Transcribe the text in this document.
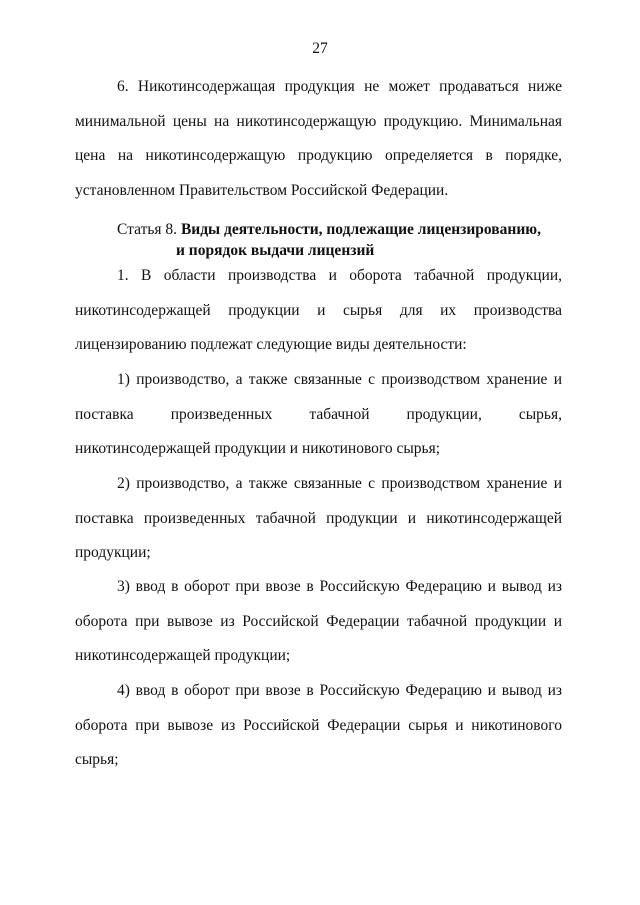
27

6. Никотинсодержащая продукция не может продаваться ниже минимальной цены на никотинсодержащую продукцию. Минимальная цена на никотинсодержащую продукцию определяется в порядке, установленном Правительством Российской Федерации.

Статья 8. Виды деятельности, подлежащие лицензированию,
и порядок выдачи лицензий

1. В области производства и оборота табачной продукции, никотинсодержащей продукции и сырья для их производства лицензированию подлежат следующие виды деятельности:

1) производство, а также связанные с производством хранение и поставка произведенных табачной продукции, сырья, никотинсодержащей продукции и никотинового сырья;

2) производство, а также связанные с производством хранение и поставка произведенных табачной продукции и никотинсодержащей продукции;

3) ввод в оборот при ввозе в Российскую Федерацию и вывод из оборота при вывозе из Российской Федерации табачной продукции и никотинсодержащей продукции;

4) ввод в оборот при ввозе в Российскую Федерацию и вывод из оборота при вывозе из Российской Федерации сырья и никотинового сырья;
